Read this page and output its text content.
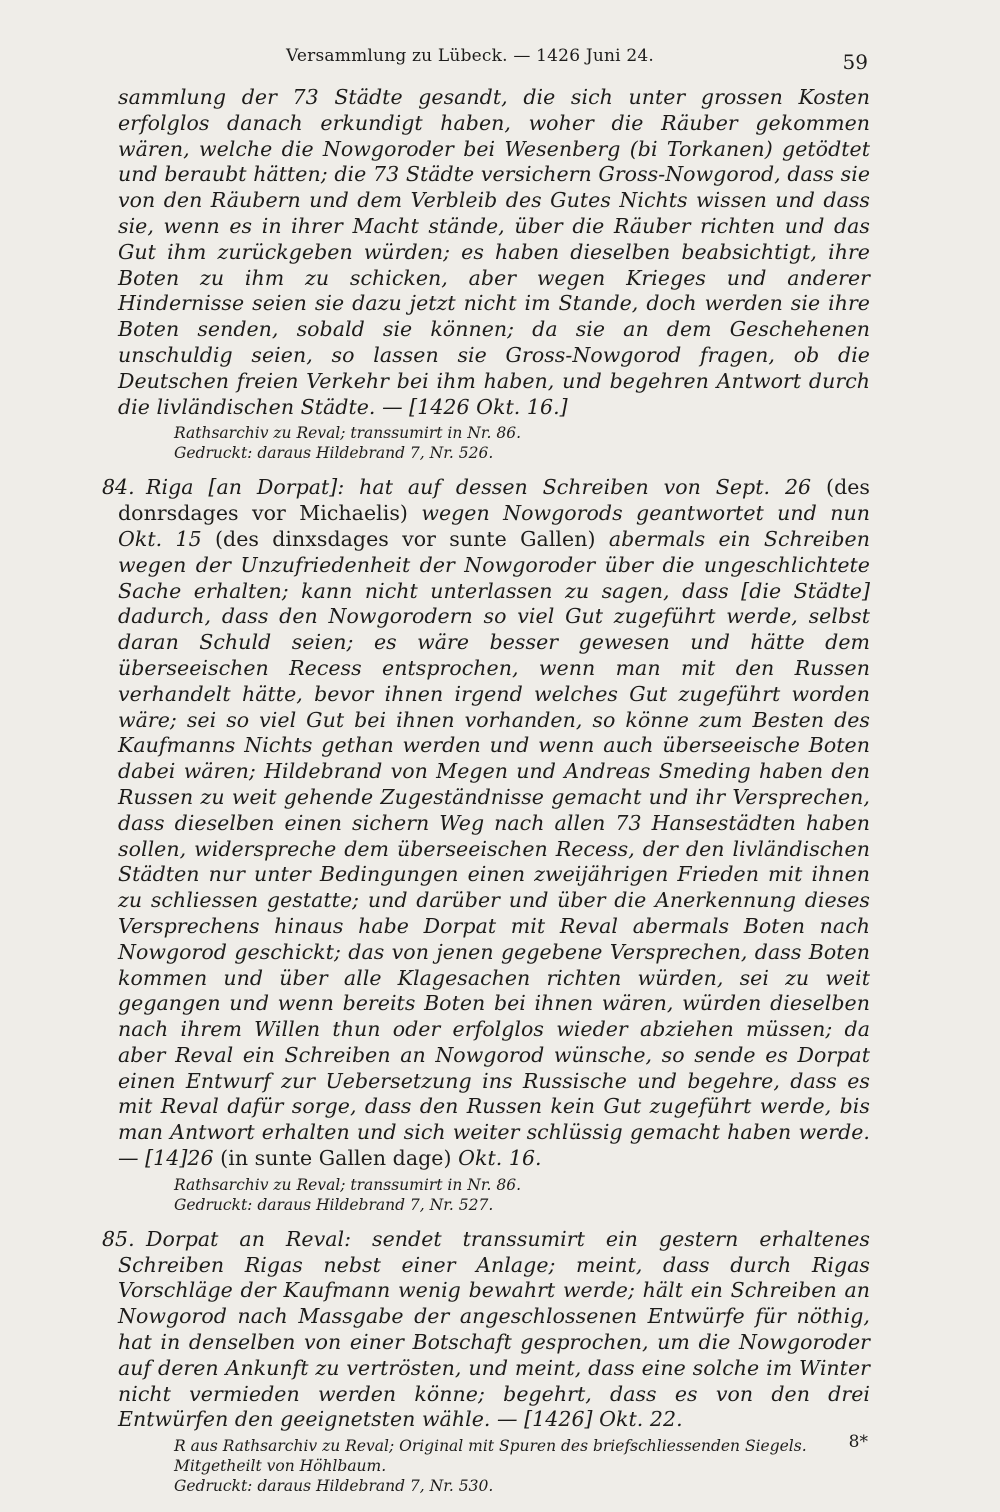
Versammlung zu Lübeck. — 1426 Juni 24.	59

sammlung der 73 Städte gesandt, die sich unter grossen Kosten erfolglos danach erkundigt haben, woher die Räuber gekommen wären, welche die Nowgoroder bei Wesenberg (bi Torkanen) getödtet und beraubt hätten; die 73 Städte versichern Gross-Nowgorod, dass sie von den Räubern und dem Verbleib des Gutes Nichts wissen und dass sie, wenn es in ihrer Macht stände, über die Räuber richten und das Gut ihm zurückgeben würden; es haben dieselben beabsichtigt, ihre Boten zu ihm zu schicken, aber wegen Krieges und anderer Hindernisse seien sie dazu jetzt nicht im Stande, doch werden sie ihre Boten senden, sobald sie können; da sie an dem Geschehenen unschuldig seien, so lassen sie Gross-Nowgorod fragen, ob die Deutschen freien Verkehr bei ihm haben, und begehren Antwort durch die livländischen Städte. — [1426 Okt. 16.]

Rathsarchiv zu Reval; transsumirt in Nr. 86.

Gedruckt: daraus Hildebrand 7, Nr. 526.

84. Riga [an Dorpat]: hat auf dessen Schreiben von Sept. 26 (des donrsdages vor Michaelis) wegen Nowgorods geantwortet und nun Okt. 15 (des dinxsdages vor sunte Gallen) abermals ein Schreiben wegen der Unzufriedenheit der Nowgoroder über die ungeschlichtete Sache erhalten; kann nicht unterlassen zu sagen, dass [die Städte] dadurch, dass den Nowgorodern so viel Gut zugeführt werde, selbst daran Schuld seien; es wäre besser gewesen und hätte dem überseeischen Recess entsprochen, wenn man mit den Russen verhandelt hätte, bevor ihnen irgend welches Gut zugeführt worden wäre; sei so viel Gut bei ihnen vorhanden, so könne zum Besten des Kaufmanns Nichts gethan werden und wenn auch überseeische Boten dabei wären; Hildebrand von Megen und Andreas Smeding haben den Russen zu weit gehende Zugeständnisse gemacht und ihr Versprechen, dass dieselben einen sichern Weg nach allen 73 Hansestädten haben sollen, widerspreche dem überseeischen Recess, der den livländischen Städten nur unter Bedingungen einen zweijährigen Frieden mit ihnen zu schliessen gestatte; und darüber und über die Anerkennung dieses Versprechens hinaus habe Dorpat mit Reval abermals Boten nach Nowgorod geschickt; das von jenen gegebene Versprechen, dass Boten kommen und über alle Klagesachen richten würden, sei zu weit gegangen und wenn bereits Boten bei ihnen wären, würden dieselben nach ihrem Willen thun oder erfolglos wieder abziehen müssen; da aber Reval ein Schreiben an Nowgorod wünsche, so sende es Dorpat einen Entwurf zur Uebersetzung ins Russische und begehre, dass es mit Reval dafür sorge, dass den Russen kein Gut zugeführt werde, bis man Antwort erhalten und sich weiter schlüssig gemacht haben werde. — [14]26 (in sunte Gallen dage) Okt. 16.

Rathsarchiv zu Reval; transsumirt in Nr. 86.

Gedruckt: daraus Hildebrand 7, Nr. 527.

85. Dorpat an Reval: sendet transsumirt ein gestern erhaltenes Schreiben Rigas nebst einer Anlage; meint, dass durch Rigas Vorschläge der Kaufmann wenig bewahrt werde; hält ein Schreiben an Nowgorod nach Massgabe der angeschlossenen Entwürfe für nöthig, hat in denselben von einer Botschaft gesprochen, um die Nowgoroder auf deren Ankunft zu vertrösten, und meint, dass eine solche im Winter nicht vermieden werden könne; begehrt, dass es von den drei Entwürfen den geeignetsten wähle. — [1426] Okt. 22.

R aus Rathsarchiv zu Reval; Original mit Spuren des briefschliessenden Siegels.

Mitgetheilt von Höhlbaum.

Gedruckt: daraus Hildebrand 7, Nr. 530.

8*
